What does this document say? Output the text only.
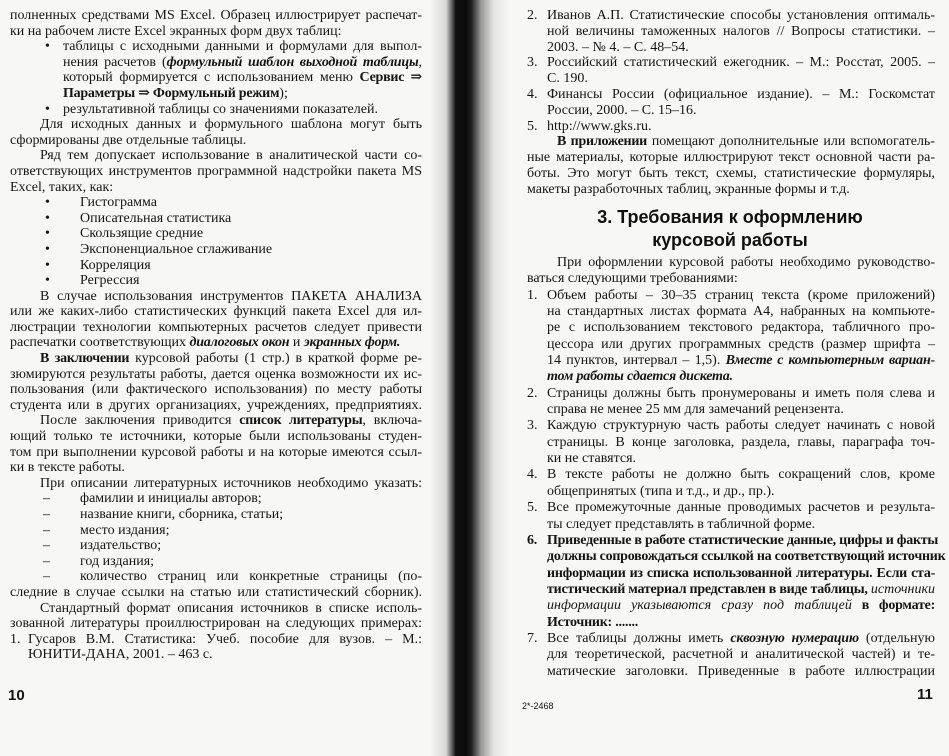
полненных средствами MS Excel. Образец иллюстрирует распечат-
ки на рабочем листе Excel экранных форм двух таблиц:
• таблицы с исходными данными и формулами для выпол-
нения расчетов (формульный шаблон выходной таблицы,
который формируется с использованием меню Сервис ⇒
Параметры ⇒ Формульный режим);
• результативной таблицы со значениями показателей.
Для исходных данных и формульного шаблона могут быть
сформированы две отдельные таблицы.
Ряд тем допускает использование в аналитической части со-
ответствующих инструментов программной надстройки пакета MS
Excel, таких, как:
• Гистограмма
• Описательная статистика
• Скользящие средние
• Экспоненциальное сглаживание
• Корреляция
• Регрессия
В случае использования инструментов ПАКЕТА АНАЛИЗА
или же каких-либо статистических функций пакета Excel для ил-
люстрации технологии компьютерных расчетов следует привести
распечатки соответствующих диалоговых окон и экранных форм.
В заключении курсовой работы (1 стр.) в краткой форме ре-
зюмируются результаты работы, дается оценка возможности их ис-
пользования (или фактического использования) по месту работы
студента или в других организациях, учреждениях, предприятиях.
После заключения приводится список литературы, включа-
ющий только те источники, которые были использованы студен-
том при выполнении курсовой работы и на которые имеются ссыл-
ки в тексте работы.
При описании литературных источников необходимо указать:
– фамилии и инициалы авторов;
– название книги, сборника, статьи;
– место издания;
– издательство;
– год издания;
– количество страниц или конкретные страницы (по-
следние в случае ссылки на статью или статистический сборник).
Стандартный формат описания источников в списке исполь-
зованной литературы проиллюстрирован на следующих примерах:
1. Гусаров В.М. Статистика: Учеб. пособие для вузов. – М.:
ЮНИТИ-ДАНА, 2001. – 463 с.
10
2. Иванов А.П. Статистические способы установления оптималь-
ной величины таможенных налогов // Вопросы статистики. –
2003. – № 4. – С. 48–54.
3. Российский статистический ежегодник. – М.: Росстат, 2005. –
С. 190.
4. Финансы России (официальное издание). – М.: Госкомстат
России, 2000. – С. 15–16.
5. http://www.gks.ru.
В приложении помещают дополнительные или вспомогатель-
ные материалы, которые иллюстрируют текст основной части ра-
боты. Это могут быть текст, схемы, статистические формуляры,
макеты разработочных таблиц, экранные формы и т.д.
3. Требования к оформлению
курсовой работы
При оформлении курсовой работы необходимо руководство-
ваться следующими требованиями:
1. Объем работы – 30–35 страниц текста (кроме приложений)
на стандартных листах формата А4, набранных на компьюте-
ре с использованием текстового редактора, табличного про-
цессора или других программных средств (размер шрифта –
14 пунктов, интервал – 1,5). Вместе с компьютерным вариан-
том работы сдается дискета.
2. Страницы должны быть пронумерованы и иметь поля слева и
справа не менее 25 мм для замечаний рецензента.
3. Каждую структурную часть работы следует начинать с новой
страницы. В конце заголовка, раздела, главы, параграфа точ-
ки не ставятся.
4. В тексте работы не должно быть сокращений слов, кроме
общепринятых (типа и т.д., и др., пр.).
5. Все промежуточные данные проводимых расчетов и результа-
ты следует представлять в табличной форме.
6. Приведенные в работе статистические данные, цифры и факты
должны сопровождаться ссылкой на соответствующий источник
информации из списка использованной литературы. Если ста-
тистический материал представлен в виде таблицы, источники
информации указываются сразу под таблицей в формате:
Источник: .......
7. Все таблицы должны иметь сквозную нумерацию (отдельную
для теоретической, расчетной и аналитической частей) и те-
матические заголовки. Приведенные в работе иллюстрации
2*-2468
11
